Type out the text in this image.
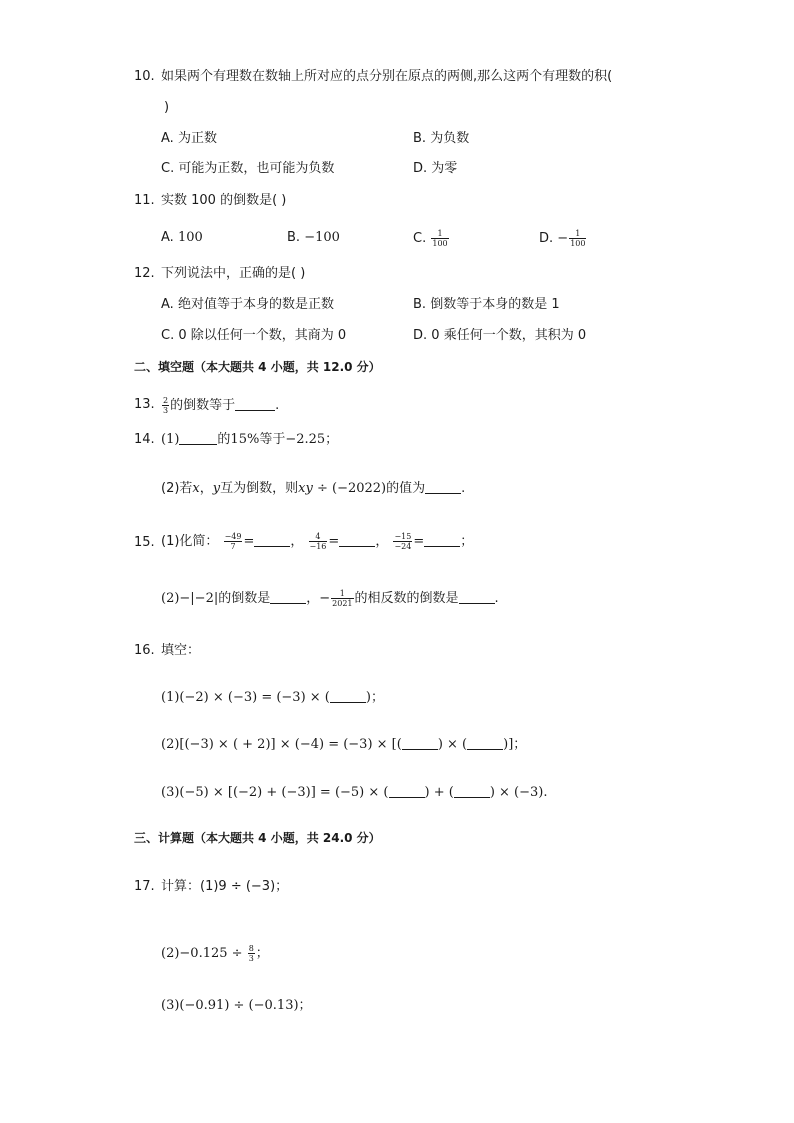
10. 如果两个有理数在数轴上所对应的点分别在原点的两侧,那么这两个有理数的积(
)
A. 为正数	B. 为负数
C. 可能为正数，也可能为负数	D. 为零
11. 实数 100 的倒数是( )
A. 100	B. −100	C. $\frac{1}{100}$	D. − $\frac{1}{100}$
12. 下列说法中，正确的是( )
A. 绝对值等于本身的数是正数	B. 倒数等于本身的数是 1
C. 0 除以任何一个数，其商为 0	D. 0 乘任何一个数，其积为 0
二、填空题（本大题共 4 小题，共 12.0 分）
13. $\frac{2}{3}$ 的倒数等于	.
14. (1)	的15%等于−2.25；
(2)若x，y互为倒数，则xy ÷ (−2022)的值为	.
15. (1)化简： $\frac{-49}{7}$ =	， $\frac{4}{-16}$ =	， $\frac{-15}{-24}$ =	；
(2)−|−2|的倒数是	，− $\frac{1}{2021}$ 的相反数的倒数是	.
16. 填空：
(1)(−2) × (−3) = (−3) × (	)；
(2)[(−3) × ( + 2)] × (−4) = (−3) × [(	) × (	)]；
(3)(−5) × [(−2) + (−3)] = (−5) × (	) + (	) × (−3).
三、计算题（本大题共 4 小题，共 24.0 分）
17. 计算：(1)9 ÷ (−3)；
$(2)-0.125 \div \frac{8}{3}$ ；
(3)(−0.91) ÷ (−0.13)；
